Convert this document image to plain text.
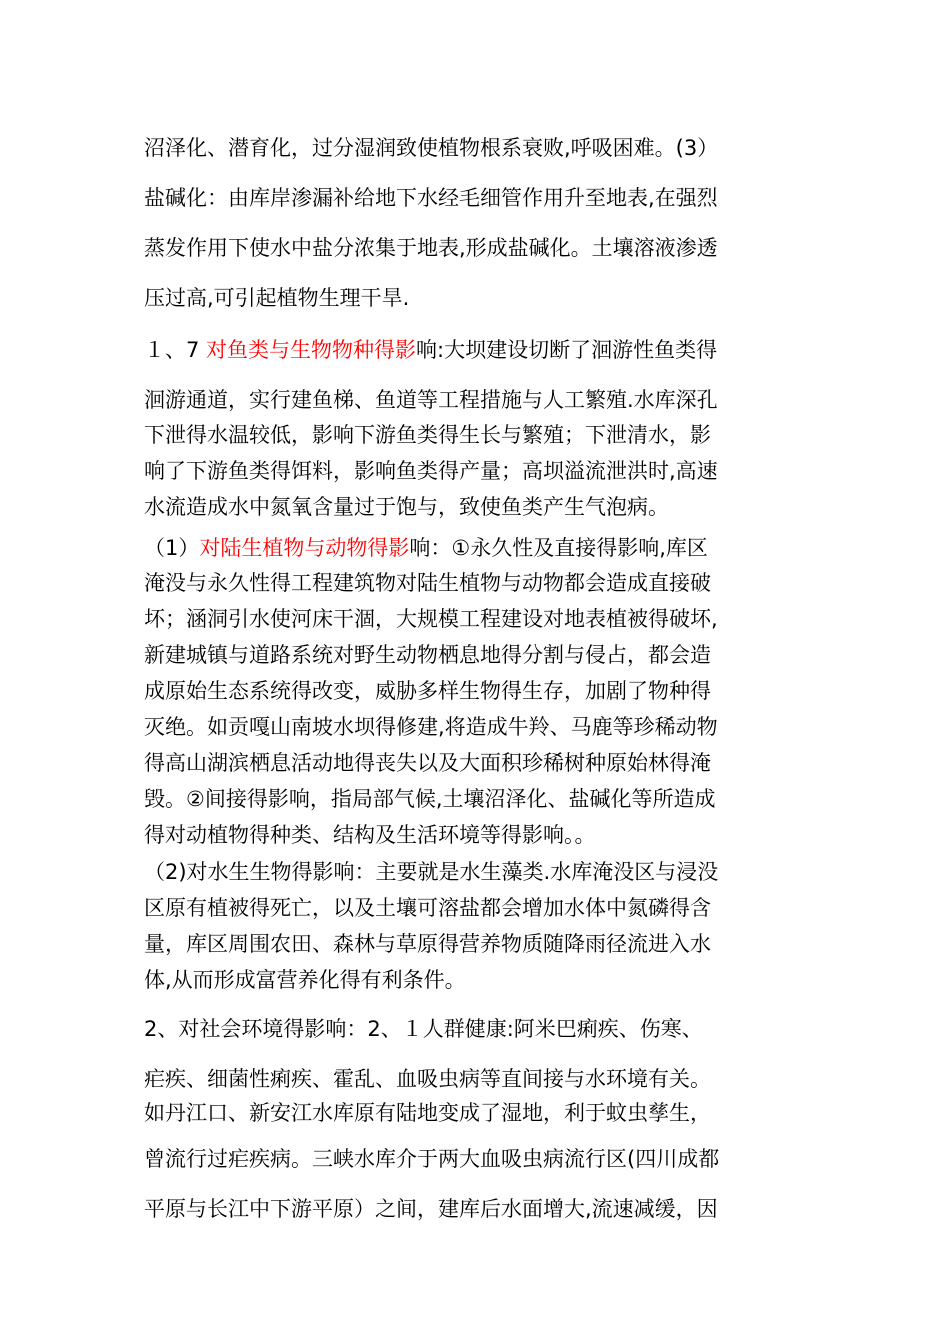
沼泽化、潜育化，过分湿润致使植物根系衰败,呼吸困难。(3）
盐碱化：由库岸渗漏补给地下水经毛细管作用升至地表,在强烈
蒸发作用下使水中盐分浓集于地表,形成盐碱化。土壤溶液渗透
压过高,可引起植物生理干旱.
１、7 对鱼类与生物物种得影响:大坝建设切断了洄游性鱼类得
洄游通道，实行建鱼梯、鱼道等工程措施与人工繁殖.水库深孔
下泄得水温较低，影响下游鱼类得生长与繁殖；下泄清水，影
响了下游鱼类得饵料，影响鱼类得产量；高坝溢流泄洪时,高速
水流造成水中氮氧含量过于饱与，致使鱼类产生气泡病。
（1）对陆生植物与动物得影响：①永久性及直接得影响,库区
淹没与永久性得工程建筑物对陆生植物与动物都会造成直接破
坏；涵洞引水使河床干涸，大规模工程建设对地表植被得破坏,
新建城镇与道路系统对野生动物栖息地得分割与侵占，都会造
成原始生态系统得改变，威胁多样生物得生存，加剧了物种得
灭绝。如贡嘎山南坡水坝得修建,将造成牛羚、马鹿等珍稀动物
得高山湖滨栖息活动地得丧失以及大面积珍稀树种原始林得淹
毁。②间接得影响，指局部气候,土壤沼泽化、盐碱化等所造成
得对动植物得种类、结构及生活环境等得影响。。
（2)对水生生物得影响：主要就是水生藻类.水库淹没区与浸没
区原有植被得死亡，以及土壤可溶盐都会增加水体中氮磷得含
量，库区周围农田、森林与草原得营养物质随降雨径流进入水
体,从而形成富营养化得有利条件。
2、对社会环境得影响：2、１人群健康:阿米巴痢疾、伤寒、
疟疾、细菌性痢疾、霍乱、血吸虫病等直间接与水环境有关。
如丹江口、新安江水库原有陆地变成了湿地，利于蚊虫孳生，
曾流行过疟疾病。三峡水库介于两大血吸虫病流行区(四川成都
平原与长江中下游平原）之间，建库后水面增大,流速减缓，因
